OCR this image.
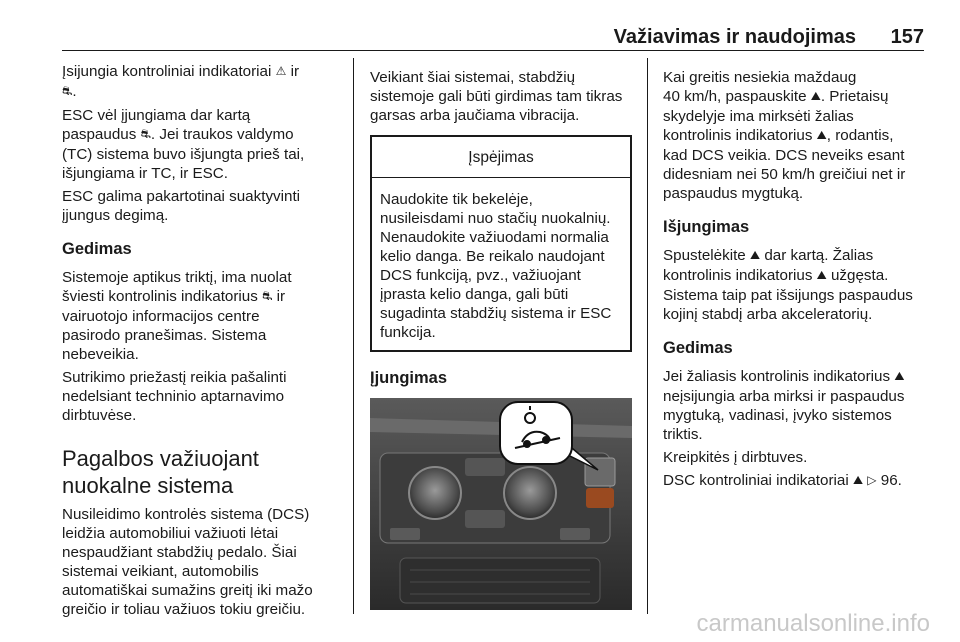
Važiavimas ir naudojimas 157

Įsijungia kontroliniai indikatoriai ⚠ ir
⛐.

ESC vėl įjungiama dar kartą
paspaudus ⛐. Jei traukos valdymo
(TC) sistema buvo išjungta prieš tai,
išjungiama ir TC, ir ESC.

ESC galima pakartotinai suaktyvinti
įjungus degimą.

Gedimas

Sistemoje aptikus triktį, ima nuolat
šviesti kontrolinis indikatorius ⛐ ir
vairuotojo informacijos centre
pasirodo pranešimas. Sistema
nebeveikia.

Sutrikimo priežastį reikia pašalinti
nedelsiant techninio aptarnavimo
dirbtuvėse.

Pagalbos važiuojant
nuokalne sistema

Nusileidimo kontrolės sistema (DCS)
leidžia automobiliui važiuoti lėtai
nespaudžiant stabdžių pedalo. Šiai
sistemai veikiant, automobilis
automatiškai sumažins greitį iki mažo
greičio ir toliau važiuos tokiu greičiu.

Veikiant šiai sistemai, stabdžių
sistemoje gali būti girdimas tam tikras
garsas arba jaučiama vibracija.

Įspėjimas
Naudokite tik bekelėje,
nusileisdami nuo stačių nuokalnių.
Nenaudokite važiuodami normalia
kelio danga. Be reikalo naudojant
DCS funkciją, pvz., važiuojant
įprasta kelio danga, gali būti
sugadinta stabdžių sistema ir ESC
funkcija.
Įjungimas

Kai greitis nesiekia maždaug
40 km/h, paspauskite ⛰. Prietaisų
skydelyje ima mirksėti žalias
kontrolinis indikatorius ⛰, rodantis,
kad DCS veikia. DCS neveiks esant
didesniam nei 50 km/h greičiui net ir
paspaudus mygtuką.

Išjungimas

Spustelėkite ⛰ dar kartą. Žalias
kontrolinis indikatorius ⛰ užgęsta.
Sistema taip pat išsijungs paspaudus
kojinį stabdį arba akceleratorių.

Gedimas

Jei žaliasis kontrolinis indikatorius ⛰
neįsijungia arba mirksi ir paspaudus
mygtuką, vadinasi, įvyko sistemos
triktis.

Kreipkitės į dirbtuves.

DSC kontroliniai indikatoriai ⛰ ▷ 96.

carmanualsonline.info
